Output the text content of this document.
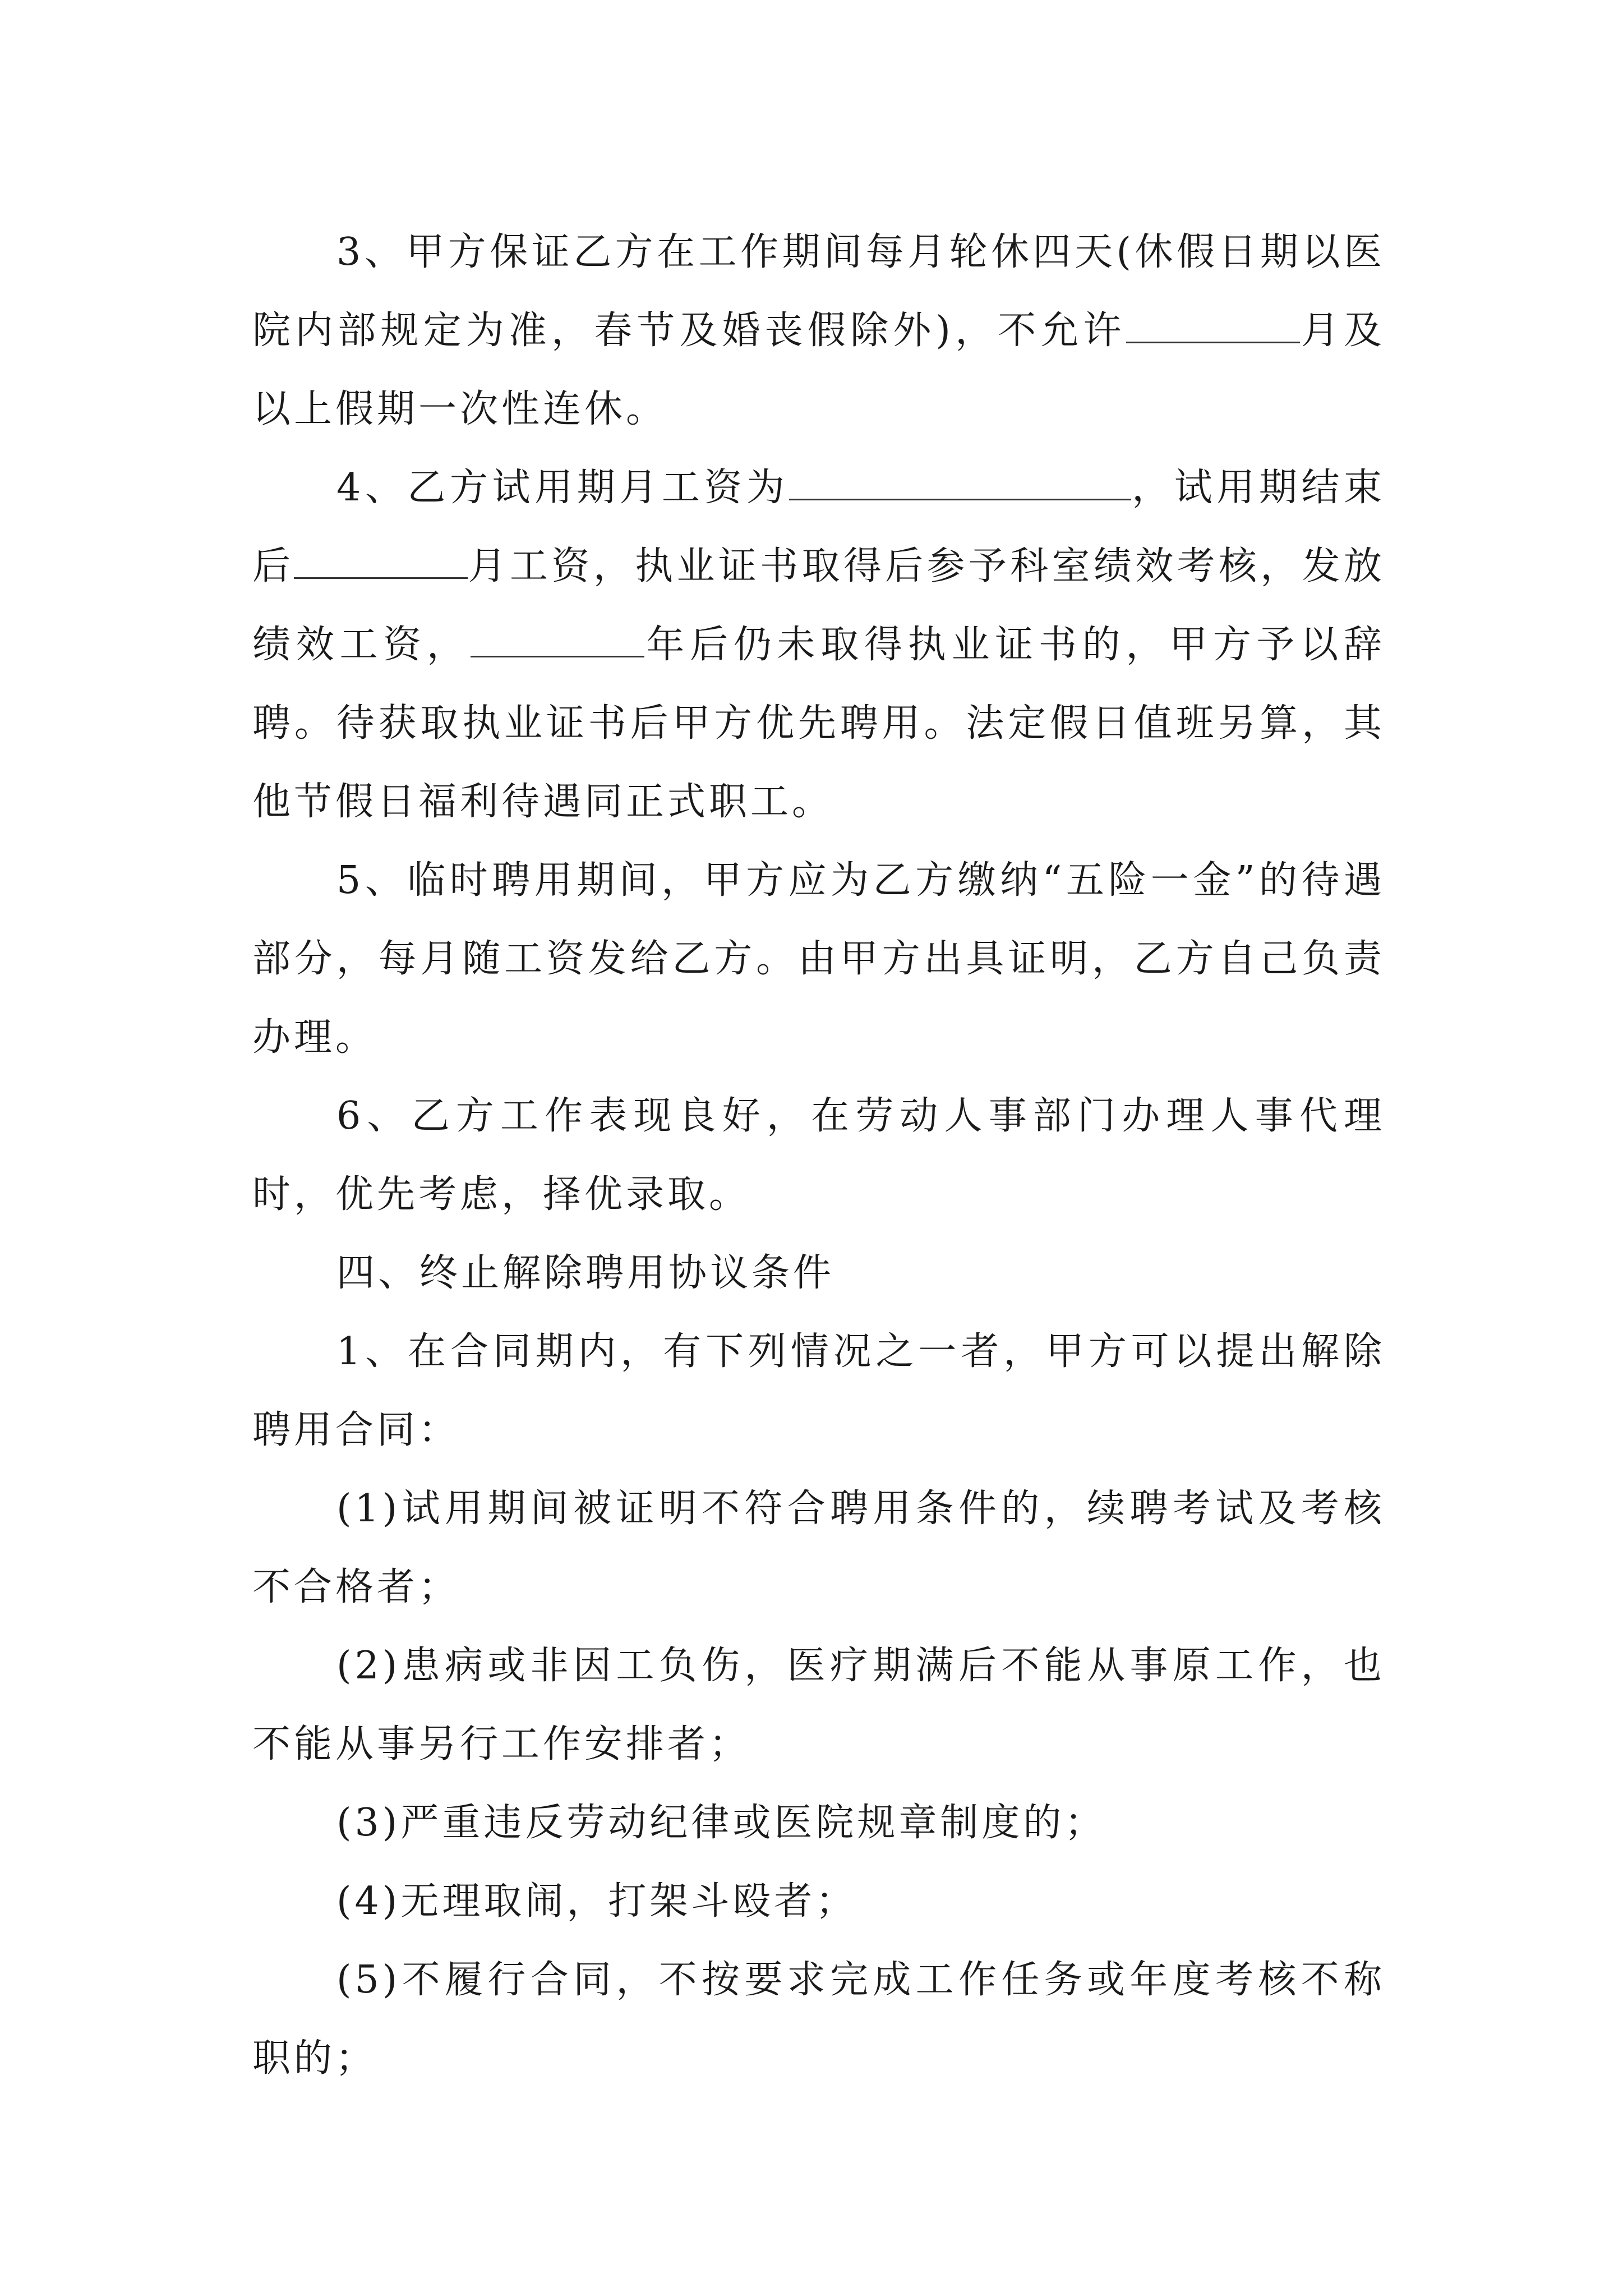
3、甲方保证乙方在工作期间每月轮休四天(休假日期以医院内部规定为准，春节及婚丧假除外)，不允许	月及以上假期一次性连休。

4、乙方试用期月工资为	，试用期结束后	月工资，执业证书取得后参予科室绩效考核，发放绩效工资，	年后仍未取得执业证书的，甲方予以辞聘。待获取执业证书后甲方优先聘用。法定假日值班另算，其他节假日福利待遇同正式职工。

5、临时聘用期间，甲方应为乙方缴纳“五险一金”的待遇部分，每月随工资发给乙方。由甲方出具证明，乙方自己负责办理。

6、乙方工作表现良好，在劳动人事部门办理人事代理时，优先考虑，择优录取。

四、终止解除聘用协议条件

1、在合同期内，有下列情况之一者，甲方可以提出解除聘用合同：

(1)试用期间被证明不符合聘用条件的，续聘考试及考核不合格者；

(2)患病或非因工负伤，医疗期满后不能从事原工作，也不能从事另行工作安排者；

(3)严重违反劳动纪律或医院规章制度的；

(4)无理取闹，打架斗殴者；

(5)不履行合同，不按要求完成工作任务或年度考核不称职的；
